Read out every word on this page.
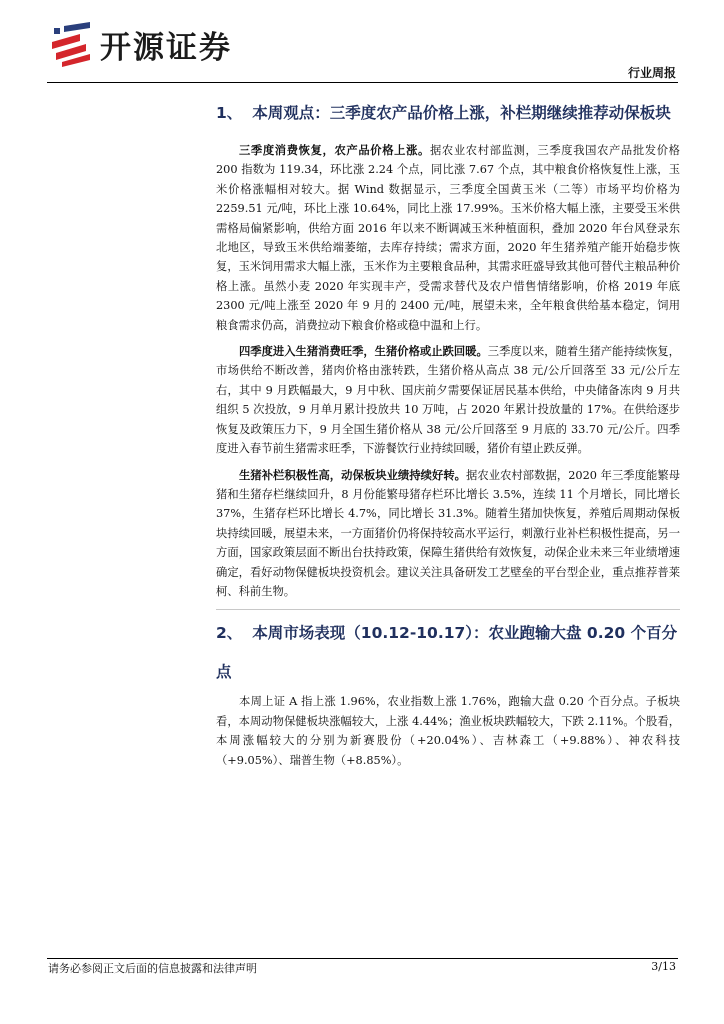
开源证券
行业周报
1、 本周观点：三季度农产品价格上涨，补栏期继续推荐动保板块

三季度消费恢复，农产品价格上涨。据农业农村部监测，三季度我国农产品批发价格 200 指数为 119.34，环比涨 2.24 个点，同比涨 7.67 个点，其中粮食价格恢复性上涨，玉米价格涨幅相对较大。据 Wind 数据显示，三季度全国黄玉米（二等）市场平均价格为 2259.51 元/吨，环比上涨 10.64%，同比上涨 17.99%。玉米价格大幅上涨，主要受玉米供需格局偏紧影响，供给方面 2016 年以来不断调减玉米种植面积，叠加 2020 年台风登录东北地区，导致玉米供给端萎缩，去库存持续；需求方面，2020 年生猪养殖产能开始稳步恢复，玉米饲用需求大幅上涨，玉米作为主要粮食品种，其需求旺盛导致其他可替代主粮品种价格上涨。虽然小麦 2020 年实现丰产，受需求替代及农户惜售情绪影响，价格 2019 年底 2300 元/吨上涨至 2020 年 9 月的 2400 元/吨，展望未来，全年粮食供给基本稳定，饲用粮食需求仍高，消费拉动下粮食价格或稳中温和上行。

四季度进入生猪消费旺季，生猪价格或止跌回暖。三季度以来，随着生猪产能持续恢复，市场供给不断改善，猪肉价格由涨转跌，生猪价格从高点 38 元/公斤回落至 33 元/公斤左右，其中 9 月跌幅最大，9 月中秋、国庆前夕需要保证居民基本供给，中央储备冻肉 9 月共组织 5 次投放，9 月单月累计投放共 10 万吨，占 2020 年累计投放量的 17%。在供给逐步恢复及政策压力下，9 月全国生猪价格从 38 元/公斤回落至 9 月底的 33.70 元/公斤。四季度进入春节前生猪需求旺季，下游餐饮行业持续回暖，猪价有望止跌反弹。

生猪补栏积极性高，动保板块业绩持续好转。据农业农村部数据，2020 年三季度能繁母猪和生猪存栏继续回升，8 月份能繁母猪存栏环比增长 3.5%，连续 11 个月增长，同比增长 37%，生猪存栏环比增长 4.7%，同比增长 31.3%。随着生猪加快恢复，养殖后周期动保板块持续回暖，展望未来，一方面猪价仍将保持较高水平运行，刺激行业补栏积极性提高，另一方面，国家政策层面不断出台扶持政策，保障生猪供给有效恢复，动保企业未来三年业绩增速确定，看好动物保健板块投资机会。建议关注具备研发工艺壁垒的平台型企业，重点推荐普莱柯、科前生物。

2、 本周市场表现（10.12-10.17）：农业跑输大盘 0.20 个百分点

本周上证 A 指上涨 1.96%，农业指数上涨 1.76%，跑输大盘 0.20 个百分点。子板块看，本周动物保健板块涨幅较大，上涨 4.44%；渔业板块跌幅较大，下跌 2.11%。个股看，本周涨幅较大的分别为新赛股份（+20.04%）、吉林森工（+9.88%）、神农科技（+9.05%）、瑞普生物（+8.85%）。

请务必参阅正文后面的信息披露和法律声明	3/13
